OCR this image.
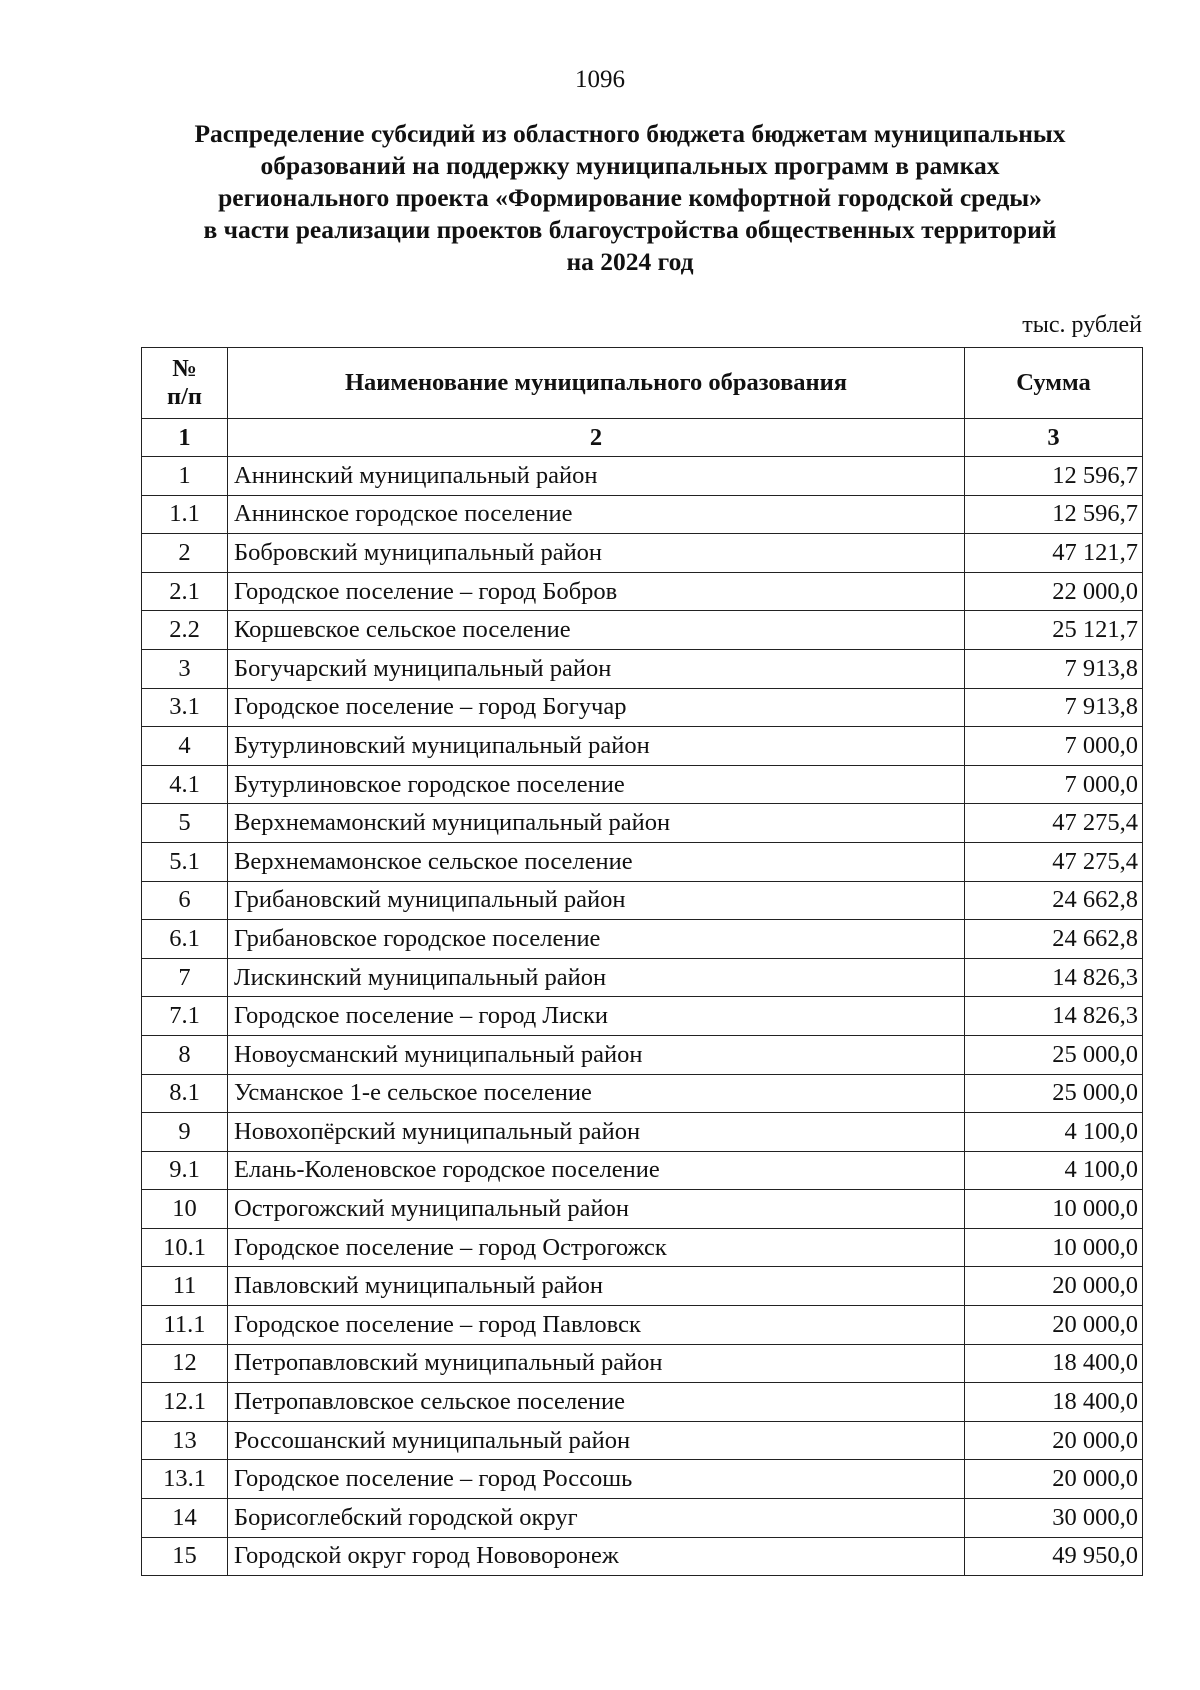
1096
Распределение субсидий из областного бюджета бюджетам муниципальных
образований на поддержку муниципальных программ в рамках
регионального проекта «Формирование комфортной городской среды»
в части реализации проектов благоустройства общественных территорий
на 2024 год
тыс. рублей
№ п/п	Наименование муниципального образования	Сумма
1	2	3
1	Аннинский муниципальный район	12 596,7
1.1	Аннинское городское поселение	12 596,7
2	Бобровский муниципальный район	47 121,7
2.1	Городское поселение – город Бобров	22 000,0
2.2	Коршевское сельское поселение	25 121,7
3	Богучарский муниципальный район	7 913,8
3.1	Городское поселение – город Богучар	7 913,8
4	Бутурлиновский муниципальный район	7 000,0
4.1	Бутурлиновское городское поселение	7 000,0
5	Верхнемамонский муниципальный район	47 275,4
5.1	Верхнемамонское сельское поселение	47 275,4
6	Грибановский муниципальный район	24 662,8
6.1	Грибановское городское поселение	24 662,8
7	Лискинский муниципальный район	14 826,3
7.1	Городское поселение – город Лиски	14 826,3
8	Новоусманский муниципальный район	25 000,0
8.1	Усманское 1-е сельское поселение	25 000,0
9	Новохопёрский муниципальный район	4 100,0
9.1	Елань-Коленовское городское поселение	4 100,0
10	Острогожский муниципальный район	10 000,0
10.1	Городское поселение – город Острогожск	10 000,0
11	Павловский муниципальный район	20 000,0
11.1	Городское поселение – город Павловск	20 000,0
12	Петропавловский муниципальный район	18 400,0
12.1	Петропавловское сельское поселение	18 400,0
13	Россошанский муниципальный район	20 000,0
13.1	Городское поселение – город Россошь	20 000,0
14	Борисоглебский городской округ	30 000,0
15	Городской округ город Нововоронеж	49 950,0
